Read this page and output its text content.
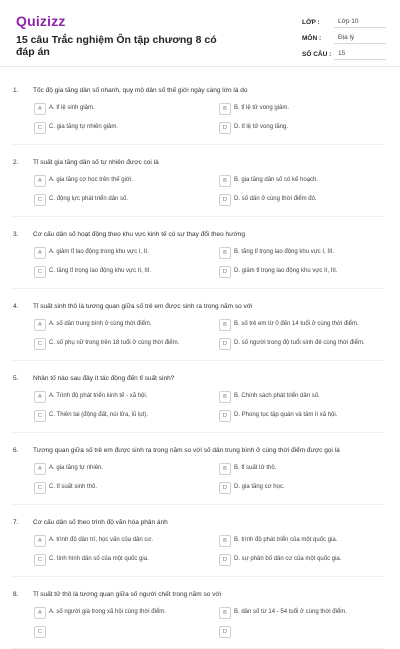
Quizizz
15 câu Trắc nghiệm Ôn tập chương 8 có đáp án
LỚP :	Lớp 10
MÔN :	Địa lý
SỐ CÂU :	15
1. Tốc độ gia tăng dân số nhanh, quy mô dân số thế giới ngày càng lớn là do
A	A. tỉ lệ sinh giảm.	B	B. tỉ lệ tử vong giảm.
C	C. gia tăng tự nhiên giảm.	D	D. tỉ lệ tử vong tăng.
2. Tỉ suất gia tăng dân số tự nhiên được coi là
A	A. gia tăng cơ học trên thế giới.	B	B. gia tăng dân số có kế hoạch.
C	C. động lực phát triển dân số.	D	D. số dân ở cùng thời điểm đó.
3. Cơ cấu dân số hoạt động theo khu vực kinh tế có sự thay đổi theo hướng
A	A. giảm tỉ lao động trong khu vực I, II.	B	B. tăng tỉ trọng lao động khu vực I, III.
C	C. tăng tỉ trọng lao động khu vực II, III.	D	D. giảm tỉ trọng lao động khu vực II, III.
4. Tỉ suất sinh thô là tương quan giữa số trẻ em được sinh ra trong năm so với
A	A. số dân trung bình ở cùng thời điểm.	B	B. số trẻ em từ 0 đến 14 tuổi ở cùng thời điểm.
C	C. số phụ nữ trong trên 18 tuổi ở cùng thời điểm.	D	D. số người trong độ tuổi sinh đẻ cùng thời điểm.
5. Nhân tố nào sau đây ít tác động đến tỉ suất sinh?
A	A. Trình độ phát triển kinh tế - xã hội.	B	B. Chính sách phát triển dân số.
C	C. Thiên tai (động đất, núi lửa, lũ lụt).	D	D. Phong tục tập quán và tâm lí xã hội.
6. Tương quan giữa số trẻ em được sinh ra trong năm so với số dân trung bình ở cùng thời điểm được gọi là
A	A. gia tăng tự nhiên.	B	B. tỉ suất tử thô.
C	C. tỉ suất sinh thô.	D	D. gia tăng cơ học.
7. Cơ cấu dân số theo trình độ văn hóa phản ánh
A	A. trình độ dân trí, học vấn của dân cư.	B	B. trình độ phát triển của một quốc gia.
C	C. tình hình dân số của một quốc gia.	D	D. sự phân bố dân cư của một quốc gia.
8. Tỉ suất tử thô là tương quan giữa số người chết trong năm so với
A	A. số người già trong xã hội cùng thời điểm.	B	B. dân số từ 14 - 54 tuổi ở cùng thời điểm.
C	D
